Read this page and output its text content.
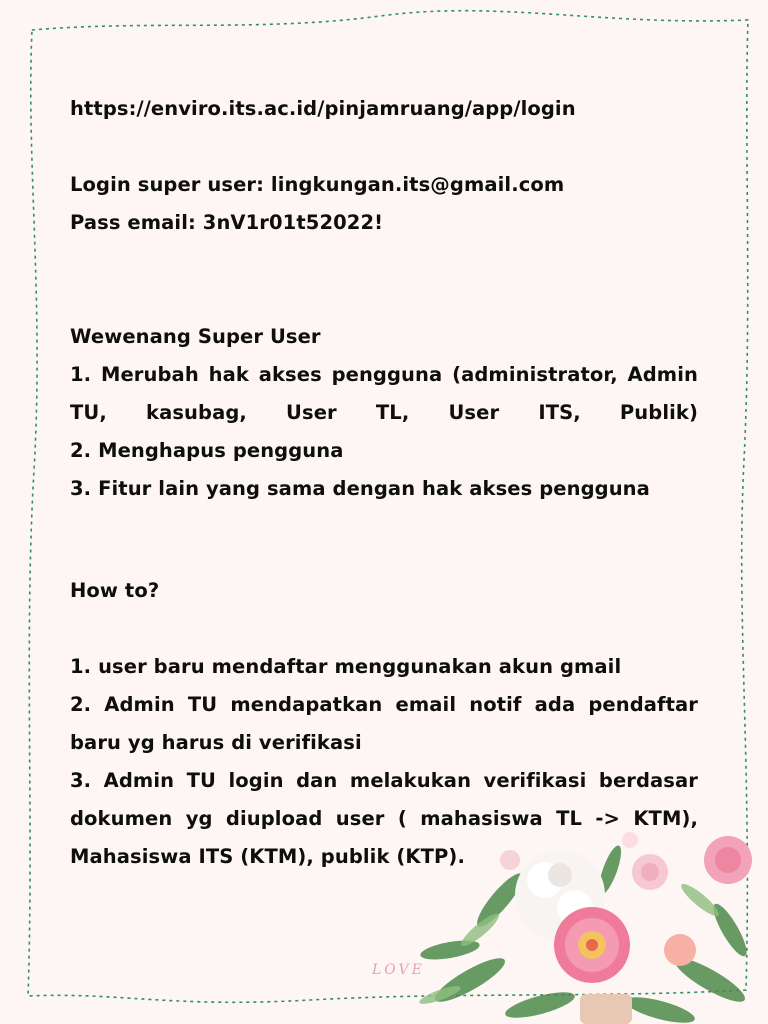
https://enviro.its.ac.id/pinjamruang/app/login
Login super user: lingkungan.its@gmail.com
Pass email: 3nV1r01t52022!
Wewenang Super User
1. Merubah hak akses pengguna (administrator, Admin TU, kasubag, User TL, User ITS, Publik)
2. Menghapus pengguna
3. Fitur lain yang sama dengan hak akses pengguna
How to?
1. user baru mendaftar menggunakan akun gmail
2. Admin TU mendapatkan email notif ada pendaftar baru yg harus di verifikasi
3. Admin TU login dan melakukan verifikasi berdasar dokumen yg diupload user ( mahasiswa TL -> KTM), Mahasiswa ITS (KTM), publik (KTP).
LOVE
